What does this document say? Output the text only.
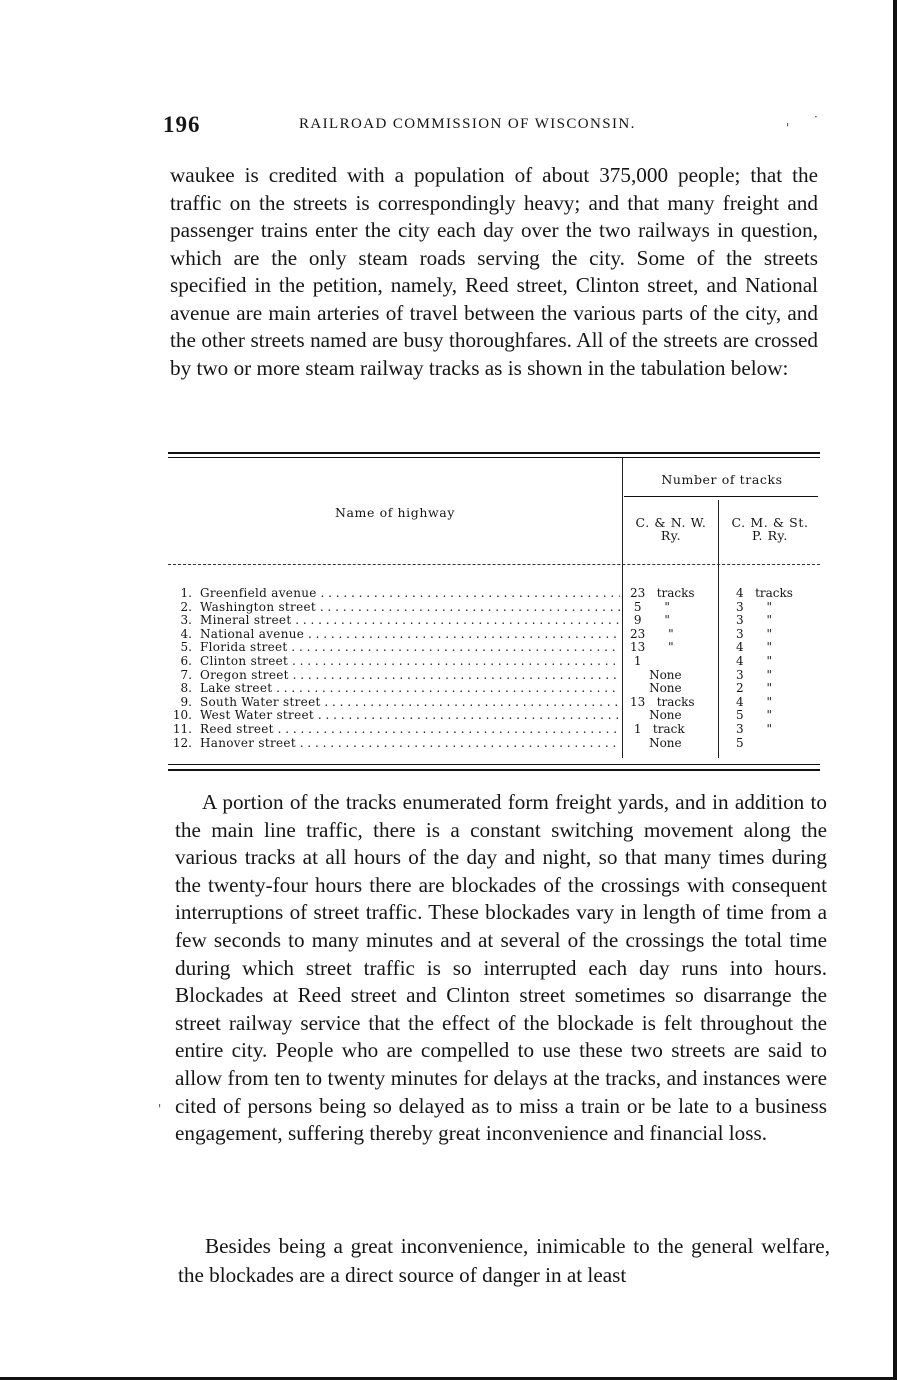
196	RAILROAD COMMISSION OF WISCONSIN.	'
·

waukee is credited with a population of about 375,000 people; that the traffic on the streets is correspondingly heavy; and that many freight and passenger trains enter the city each day over the two railways in question, which are the only steam roads serving the city. Some of the streets specified in the petition, namely, Reed street, Clinton street, and National avenue are main arteries of travel between the various parts of the city, and the other streets named are busy thoroughfares. All of the streets are crossed by two or more steam railway tracks as is shown in the tabulation below:

Name of highway
Number of tracks
C. & N. W.
Ry.
C. M. & St.
P. Ry.
1. Greenfield avenue . . .	23   tracks	4   tracks
2. Washington street . . .	5      "	3      "
3. Mineral street . . .	9      "	3      "
4. National avenue . . .	23      "	3      "
5. Florida street . . .	13      "	4      "
6. Clinton street . . .	1	4      "
7. Oregon street . . .	None	3      "
8. Lake street . . .	None	2      "
9. South Water street . . .	13   tracks	4      "
10. West Water street . . .	None	5      "
11. Reed street . . .	1   track	3      "
12. Hanover street . . .	None	5

A portion of the tracks enumerated form freight yards, and in addition to the main line traffic, there is a constant switching movement along the various tracks at all hours of the day and night, so that many times during the twenty-four hours there are blockades of the crossings with consequent interruptions of street traffic. These blockades vary in length of time from a few seconds to many minutes and at several of the crossings the total time during which street traffic is so interrupted each day runs into hours. Blockades at Reed street and Clinton street sometimes so disarrange the street railway service that the effect of the blockade is felt throughout the entire city. People who are compelled to use these two streets are said to allow from ten to twenty minutes for delays at the tracks, and instances were cited of persons being so delayed as to miss a train or be late to a business engagement, suffering thereby great inconvenience and financial loss.

'

Besides being a great inconvenience, inimicable to the general welfare, the blockades are a direct source of danger in at least
